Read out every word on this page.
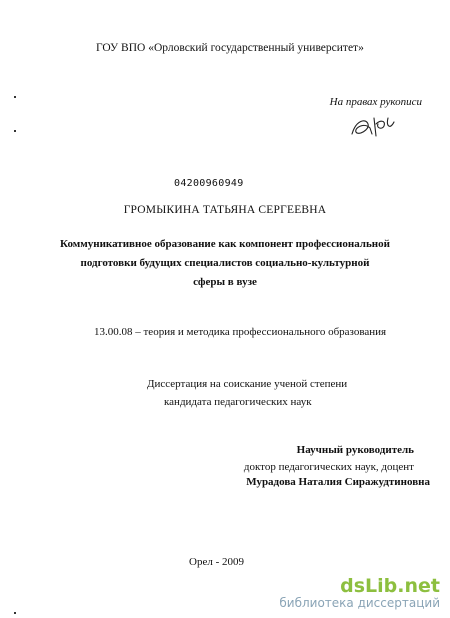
ГОУ ВПО «Орловский государственный университет»
На правах рукописи
04200960949
ГРОМЫКИНА ТАТЬЯНА СЕРГЕЕВНА
Коммуникативное образование как компонент профессиональной
подготовки будущих специалистов социально-культурной
сферы в вузе
13.00.08 – теория и методика профессионального образования
Диссертация на соискание ученой степени
кандидата педагогических наук
Научный руководитель
доктор педагогических наук, доцент
Мурадова Наталия Сиражудтиновна
Орел - 2009
dsLib.net
библиотека диссертаций
